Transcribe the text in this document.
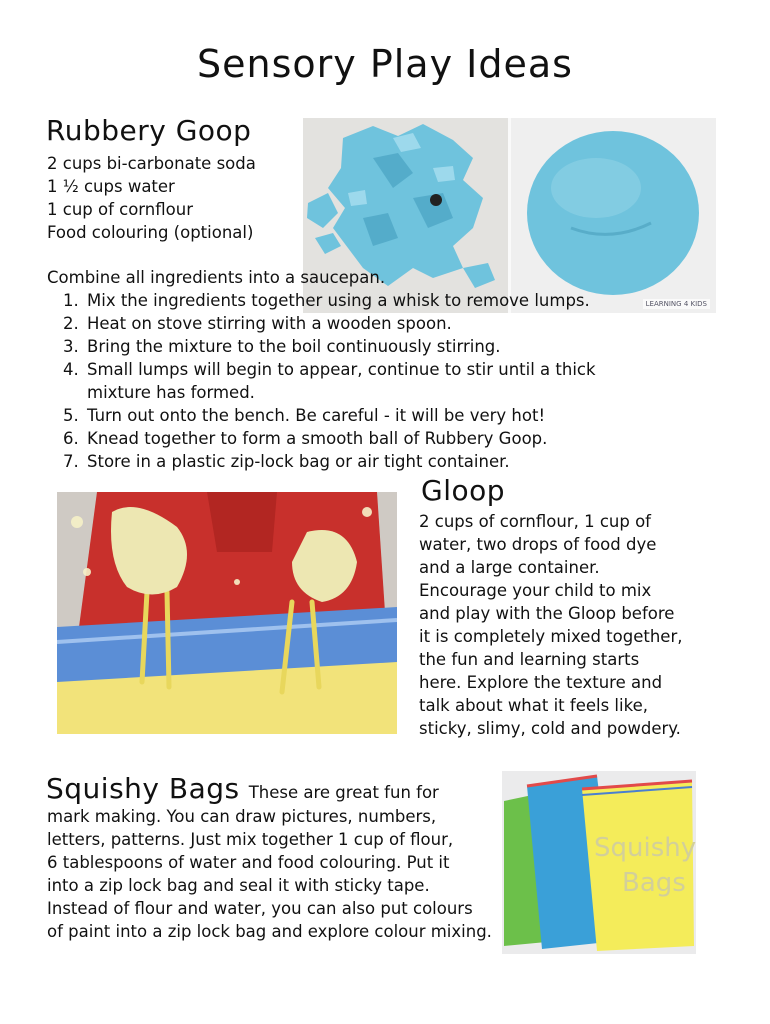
Sensory Play Ideas
Rubbery Goop
2 cups bi-carbonate soda
1 ½ cups water
1 cup of cornflour
Food colouring (optional)
LEARNING 4 KIDS
Combine all ingredients into a saucepan.
1. Mix the ingredients together using a whisk to remove lumps.
2. Heat on stove stirring with a wooden spoon.
3. Bring the mixture to the boil continuously stirring.
4. Small lumps will begin to appear, continue to stir until a thick
mixture has formed.
5. Turn out onto the bench. Be careful - it will be very hot!
6. Knead together to form a smooth ball of Rubbery Goop.
7. Store in a plastic zip-lock bag or air tight container.
Gloop
2 cups of cornflour, 1 cup of
water, two drops of food dye
and a large container.
Encourage your child to mix
and play with the Gloop before
it is completely mixed together,
the fun and learning starts
here. Explore the texture and
talk about what it feels like,
sticky, slimy, cold and powdery.
Squishy
Bags
Squishy Bags These are great fun for
mark making. You can draw pictures, numbers,
letters, patterns. Just mix together 1 cup of flour,
6 tablespoons of water and food colouring. Put it
into a zip lock bag and seal it with sticky tape.
Instead of flour and water, you can also put colours
of paint into a zip lock bag and explore colour mixing.
